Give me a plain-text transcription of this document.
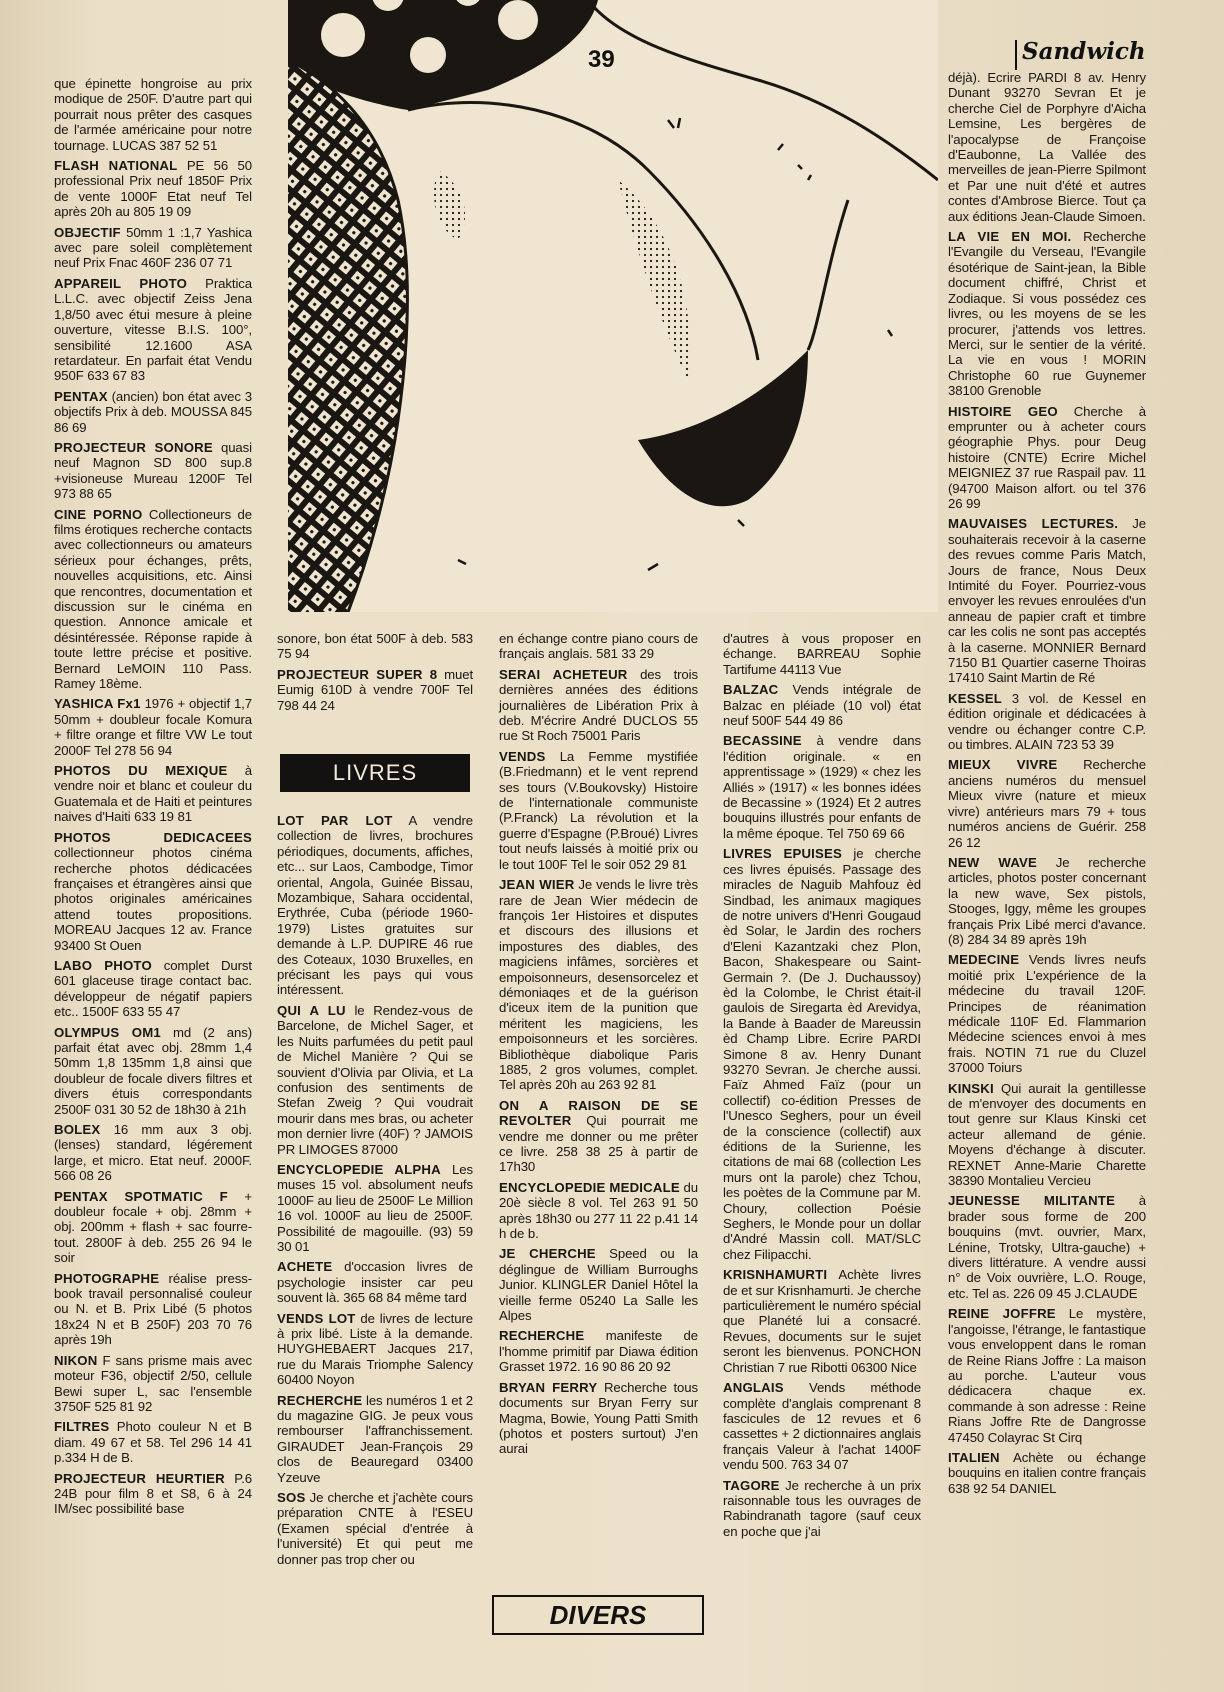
39	Sandwich

que épinette hongroise au prix modique de 250F. D'autre part qui pourrait nous prêter des casques de l'armée américaine pour notre tournage. LUCAS 387 52 51

FLASH NATIONAL PE 56 50 professional Prix neuf 1850F Prix de vente 1000F Etat neuf Tel après 20h au 805 19 09

OBJECTIF 50mm 1 :1,7 Yashica avec pare soleil complètement neuf Prix Fnac 460F 236 07 71

APPAREIL PHOTO Praktica L.L.C. avec objectif Zeiss Jena 1,8/50 avec étui mesure à pleine ouverture, vitesse B.I.S. 100°, sensibilité 12.1600 ASA retardateur. En parfait état Vendu 950F 633 67 83

PENTAX (ancien) bon état avec 3 objectifs Prix à deb. MOUSSA 845 86 69

PROJECTEUR SONORE quasi neuf Magnon SD 800 sup.8 +visioneuse Mureau 1200F Tel 973 88 65

CINE PORNO Collectioneurs de films érotiques recherche contacts avec collectionneurs ou amateurs sérieux pour échanges, prêts, nouvelles acquisitions, etc. Ainsi que rencontres, documentation et discussion sur le cinéma en question. Annonce amicale et désintéressée. Réponse rapide à toute lettre précise et positive. Bernard LeMOIN 110 Pass. Ramey 18ème.

YASHICA Fx1 1976 + objectif 1,7 50mm + doubleur focale Komura + filtre orange et filtre VW Le tout 2000F Tel 278 56 94

PHOTOS DU MEXIQUE à vendre noir et blanc et couleur du Guatemala et de Haiti et peintures naives d'Haiti 633 19 81

PHOTOS DEDICACEES collectionneur photos cinéma recherche photos dédicacées françaises et étrangères ainsi que photos originales américaines attend toutes propositions. MOREAU Jacques 12 av. France 93400 St Ouen

LABO PHOTO complet Durst 601 glaceuse tirage contact bac. développeur de négatif papiers etc.. 1500F 633 55 47

OLYMPUS OM1 md (2 ans) parfait état avec obj. 28mm 1,4 50mm 1,8 135mm 1,8 ainsi que doubleur de focale divers filtres et divers étuis correspondants 2500F 031 30 52 de 18h30 à 21h

BOLEX 16 mm aux 3 obj. (lenses) standard, légérement large, et micro. Etat neuf. 2000F. 566 08 26

PENTAX SPOTMATIC F + doubleur focale + obj. 28mm + obj. 200mm + flash + sac fourre-tout. 2800F à deb. 255 26 94 le soir

PHOTOGRAPHE réalise press-book travail personnalisé couleur ou N. et B. Prix Libé (5 photos 18x24 N et B 250F) 203 70 76 après 19h

NIKON F sans prisme mais avec moteur F36, objectif 2/50, cellule Bewi super L, sac l'ensemble 3750F 525 81 92

FILTRES Photo couleur N et B diam. 49 67 et 58. Tel 296 14 41 p.334 H de B.

PROJECTEUR HEURTIER P.6 24B pour film 8 et S8, 6 à 24 IM/sec possibilité base

sonore, bon état 500F à deb. 583 75 94

PROJECTEUR SUPER 8 muet Eumig 610D à vendre 700F Tel 798 44 24

LIVRES

LOT PAR LOT A vendre collection de livres, brochures périodiques, documents, affiches, etc... sur Laos, Cambodge, Timor oriental, Angola, Guinée Bissau, Mozambique, Sahara occidental, Erythrée, Cuba (période 1960-1979) Listes gratuites sur demande à L.P. DUPIRE 46 rue des Coteaux, 1030 Bruxelles, en précisant les pays qui vous intéressent.

QUI A LU le Rendez-vous de Barcelone, de Michel Sager, et les Nuits parfumées du petit paul de Michel Manière ? Qui se souvient d'Olivia par Olivia, et La confusion des sentiments de Stefan Zweig ? Qui voudrait mourir dans mes bras, ou acheter mon dernier livre (40F) ? JAMOIS PR LIMOGES 87000

ENCYCLOPEDIE ALPHA Les muses 15 vol. absolument neufs 1000F au lieu de 2500F Le Million 16 vol. 1000F au lieu de 2500F. Possibilité de magouille. (93) 59 30 01

ACHETE d'occasion livres de psychologie insister car peu souvent là. 365 68 84 même tard

VENDS LOT de livres de lecture à prix libé. Liste à la demande. HUYGHEBAERT Jacques 217, rue du Marais Triomphe Salency 60400 Noyon

RECHERCHE les numéros 1 et 2 du magazine GIG. Je peux vous rembourser l'affranchissement. GIRAUDET Jean-François 29 clos de Beauregard 03400 Yzeuve

SOS Je cherche et j'achète cours préparation CNTE à l'ESEU (Examen spécial d'entrée à l'université) Et qui peut me donner pas trop cher ou

en échange contre piano cours de français anglais. 581 33 29

SERAI ACHETEUR des trois dernières années des éditions journalières de Libération Prix à deb. M'écrire André DUCLOS 55 rue St Roch 75001 Paris

VENDS La Femme mystifiée (B.Friedmann) et le vent reprend ses tours (V.Boukovsky) Histoire de l'internationale communiste (P.Franck) La révolution et la guerre d'Espagne (P.Broué) Livres tout neufs laissés à moitié prix ou le tout 100F Tel le soir 052 29 81

JEAN WIER Je vends le livre très rare de Jean Wier médecin de françois 1er Histoires et disputes et discours des illusions et impostures des diables, des magiciens infâmes, sorcières et empoisonneurs, desensorcelez et démoniaqes et de la guérison d'iceux item de la punition que méritent les magiciens, les empoisonneurs et les sorcières. Bibliothèque diabolique Paris 1885, 2 gros volumes, complet. Tel après 20h au 263 92 81

ON A RAISON DE SE REVOLTER Qui pourrait me vendre me donner ou me prêter ce livre. 258 38 25 à partir de 17h30

ENCYCLOPEDIE MEDICALE du 20è siècle 8 vol. Tel 263 91 50 après 18h30 ou 277 11 22 p.41 14 h de b.

JE CHERCHE Speed ou la déglingue de William Burroughs Junior. KLINGLER Daniel Hôtel la vieille ferme 05240 La Salle les Alpes

RECHERCHE manifeste de l'homme primitif par Diawa édition Grasset 1972. 16 90 86 20 92

BRYAN FERRY Recherche tous documents sur Bryan Ferry sur Magma, Bowie, Young Patti Smith (photos et posters surtout) J'en aurai

d'autres à vous proposer en échange. BARREAU Sophie Tartifume 44113 Vue

BALZAC Vends intégrale de Balzac en pléiade (10 vol) état neuf 500F 544 49 86

BECASSINE à vendre dans l'édition originale. « en apprentissage » (1929) « chez les Alliés » (1917) « les bonnes idées de Becassine » (1924) Et 2 autres bouquins illustrés pour enfants de la même époque. Tel 750 69 66

LIVRES EPUISES je cherche ces livres épuisés. Passage des miracles de Naguib Mahfouz èd Sindbad, les animaux magiques de notre univers d'Henri Gougaud èd Solar, le Jardin des rochers d'Eleni Kazantzaki chez Plon, Bacon, Shakespeare ou Saint-Germain ?. (De J. Duchaussoy) èd la Colombe, le Christ était-il gaulois de Siregarta èd Arevidya, la Bande à Baader de Mareussin èd Champ Libre. Ecrire PARDI Simone 8 av. Henry Dunant 93270 Sevran. Je cherche aussi. Faïz Ahmed Faïz (pour un collectif) co-édition Presses de l'Unesco Seghers, pour un éveil de la conscience (collectif) aux éditions de la Surienne, les citations de mai 68 (collection Les murs ont la parole) chez Tchou, les poètes de la Commune par M. Choury, collection Poésie Seghers, le Monde pour un dollar d'André Massin coll. MAT/SLC chez Filipacchi.

KRISNHAMURTI Achète livres de et sur Krisnhamurti. Je cherche particulièrement le numéro spécial que Planété lui a consacré. Revues, documents sur le sujet seront les bienvenus. PONCHON Christian 7 rue Ribotti 06300 Nice

ANGLAIS Vends méthode complète d'anglais comprenant 8 fascicules de 12 revues et 6 cassettes + 2 dictionnaires anglais français Valeur à l'achat 1400F vendu 500. 763 34 07

TAGORE Je recherche à un prix raisonnable tous les ouvrages de Rabindranath tagore (sauf ceux en poche que j'ai

DIVERS

déjà). Ecrire PARDI 8 av. Henry Dunant 93270 Sevran Et je cherche Ciel de Porphyre d'Aicha Lemsine, Les bergères de l'apocalypse de Françoise d'Eaubonne, La Vallée des merveilles de jean-Pierre Spilmont et Par une nuit d'été et autres contes d'Ambrose Bierce. Tout ça aux éditions Jean-Claude Simoen.

LA VIE EN MOI. Recherche l'Evangile du Verseau, l'Evangile ésotérique de Saint-jean, la Bible document chiffré, Christ et Zodiaque. Si vous possédez ces livres, ou les moyens de se les procurer, j'attends vos lettres. Merci, sur le sentier de la vérité. La vie en vous ! MORIN Christophe 60 rue Guynemer 38100 Grenoble

HISTOIRE GEO Cherche à emprunter ou à acheter cours géographie Phys. pour Deug histoire (CNTE) Ecrire Michel MEIGNIEZ 37 rue Raspail pav. 11 (94700 Maison alfort. ou tel 376 26 99

MAUVAISES LECTURES. Je souhaiterais recevoir à la caserne des revues comme Paris Match, Jours de france, Nous Deux Intimité du Foyer. Pourriez-vous envoyer les revues enroulées d'un anneau de papier craft et timbre car les colis ne sont pas acceptés à la caserne. MONNIER Bernard 7150 B1 Quartier caserne Thoiras 17410 Saint Martin de Ré

KESSEL 3 vol. de Kessel en édition originale et dédicacées à vendre ou échanger contre C.P. ou timbres. ALAIN 723 53 39

MIEUX VIVRE Recherche anciens numéros du mensuel Mieux vivre (nature et mieux vivre) antérieurs mars 79 + tous numéros anciens de Guérir. 258 26 12

NEW WAVE Je recherche articles, photos poster concernant la new wave, Sex pistols, Stooges, Iggy, même les groupes français Prix Libé merci d'avance. (8) 284 34 89 après 19h

MEDECINE Vends livres neufs moitié prix L'expérience de la médecine du travail 120F. Principes de réanimation médicale 110F Ed. Flammarion Médecine sciences envoi à mes frais. NOTIN 71 rue du Cluzel 37000 Toiurs

KINSKI Qui aurait la gentillesse de m'envoyer des documents en tout genre sur Klaus Kinski cet acteur allemand de génie. Moyens d'échange à discuter. REXNET Anne-Marie Charette 38390 Montalieu Vercieu

JEUNESSE MILITANTE à brader sous forme de 200 bouquins (mvt. ouvrier, Marx, Lénine, Trotsky, Ultra-gauche) + divers littérature. A vendre aussi n° de Voix ouvrière, L.O. Rouge, etc. Tel as. 226 09 45 J.CLAUDE

REINE JOFFRE Le mystère, l'angoisse, l'étrange, le fantastique vous enveloppent dans le roman de Reine Rians Joffre : La maison au porche. L'auteur vous dédicacera chaque ex. commande à son adresse : Reine Rians Joffre Rte de Dangrosse 47450 Colayrac St Cirq

ITALIEN Achète ou échange bouquins en italien contre français 638 92 54 DANIEL
